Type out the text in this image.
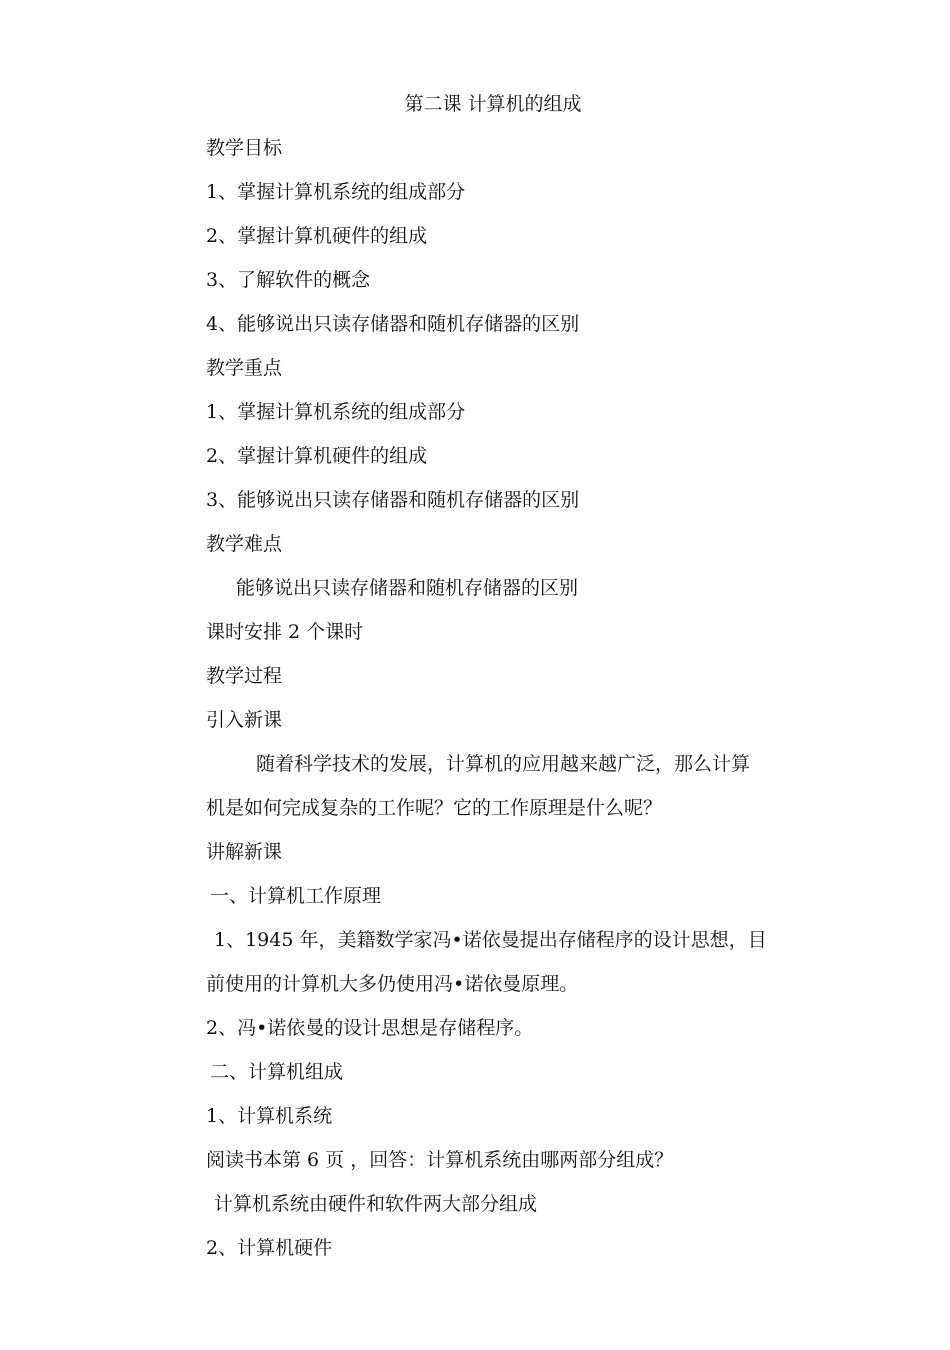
第二课 计算机的组成
教学目标
1、掌握计算机系统的组成部分
2、掌握计算机硬件的组成
3、了解软件的概念
4、能够说出只读存储器和随机存储器的区别
教学重点
1、掌握计算机系统的组成部分
2、掌握计算机硬件的组成
3、能够说出只读存储器和随机存储器的区别
教学难点
能够说出只读存储器和随机存储器的区别
课时安排 2 个课时
教学过程
引入新课
随着科学技术的发展，计算机的应用越来越广泛，那么计算
机是如何完成复杂的工作呢？它的工作原理是什么呢？
讲解新课
一、计算机工作原理
1、1945 年，美籍数学家冯•诺依曼提出存储程序的设计思想，目
前使用的计算机大多仍使用冯•诺依曼原理。
2、冯•诺依曼的设计思想是存储程序。
二、计算机组成
1、计算机系统
阅读书本第 6 页 ，回答：计算机系统由哪两部分组成？
计算机系统由硬件和软件两大部分组成
2、计算机硬件
